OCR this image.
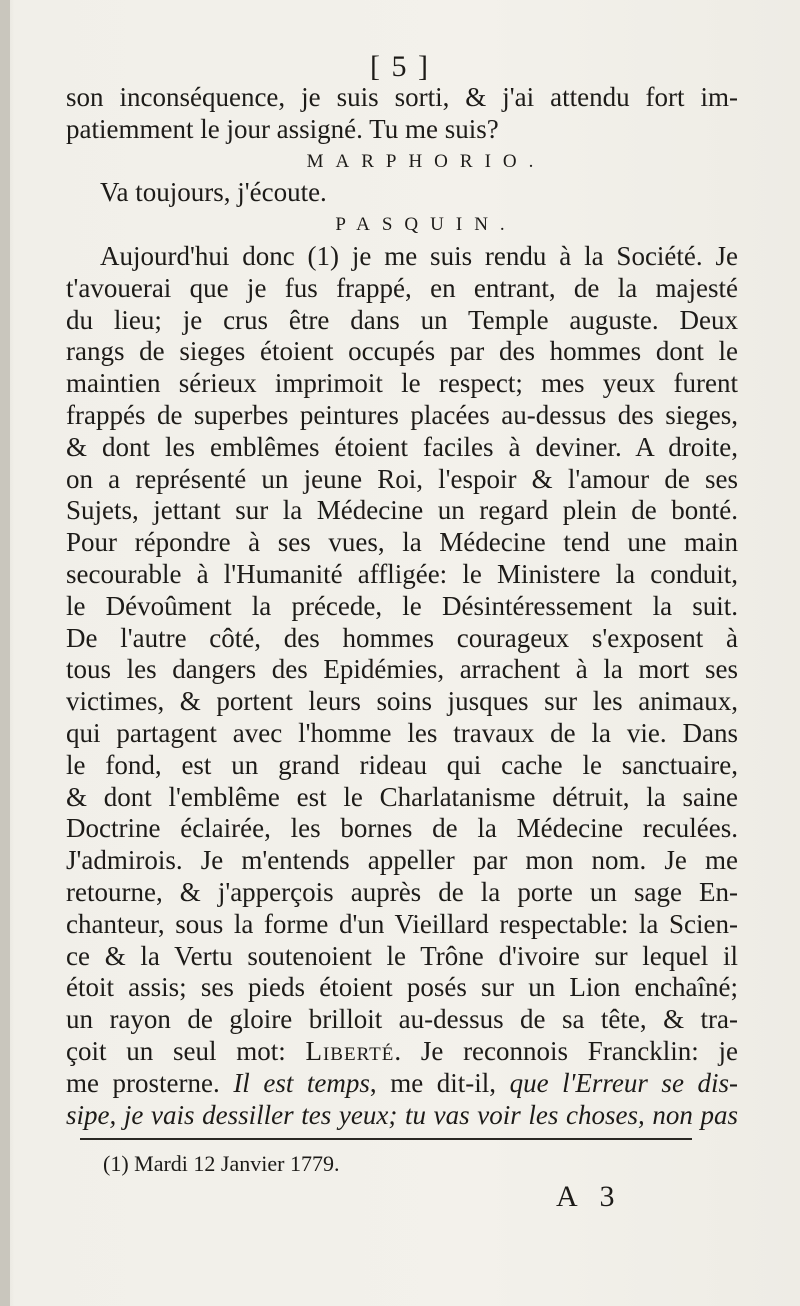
[ 5 ]
son inconséquence, je suis sorti, & j'ai attendu fort im-
patiemment le jour assigné. Tu me suis?
MARPHORIO.
Va toujours, j'écoute.
PASQUIN.
Aujourd'hui donc (1) je me suis rendu à la Société. Je
t'avouerai que je fus frappé, en entrant, de la majesté
du lieu; je crus être dans un Temple auguste. Deux
rangs de sieges étoient occupés par des hommes dont le
maintien sérieux imprimoit le respect; mes yeux furent
frappés de superbes peintures placées au-dessus des sieges,
& dont les emblêmes étoient faciles à deviner. A droite,
on a représenté un jeune Roi, l'espoir & l'amour de ses
Sujets, jettant sur la Médecine un regard plein de bonté.
Pour répondre à ses vues, la Médecine tend une main
secourable à l'Humanité affligée: le Ministere la conduit,
le Dévoûment la précede, le Désintéressement la suit.
De l'autre côté, des hommes courageux s'exposent à
tous les dangers des Epidémies, arrachent à la mort ses
victimes, & portent leurs soins jusques sur les animaux,
qui partagent avec l'homme les travaux de la vie. Dans
le fond, est un grand rideau qui cache le sanctuaire,
& dont l'emblême est le Charlatanisme détruit, la saine
Doctrine éclairée, les bornes de la Médecine reculées.
J'admirois. Je m'entends appeller par mon nom. Je me
retourne, & j'apperçois auprès de la porte un sage En-
chanteur, sous la forme d'un Vieillard respectable: la Scien-
ce & la Vertu soutenoient le Trône d'ivoire sur lequel il
étoit assis; ses pieds étoient posés sur un Lion enchaîné;
un rayon de gloire brilloit au-dessus de sa tête, & tra-
çoit un seul mot: Liberté. Je reconnois Francklin: je
me prosterne. Il est temps, me dit-il, que l'Erreur se dis-
sipe, je vais dessiller tes yeux; tu vas voir les choses, non pas
(1) Mardi 12 Janvier 1779.
A 3
